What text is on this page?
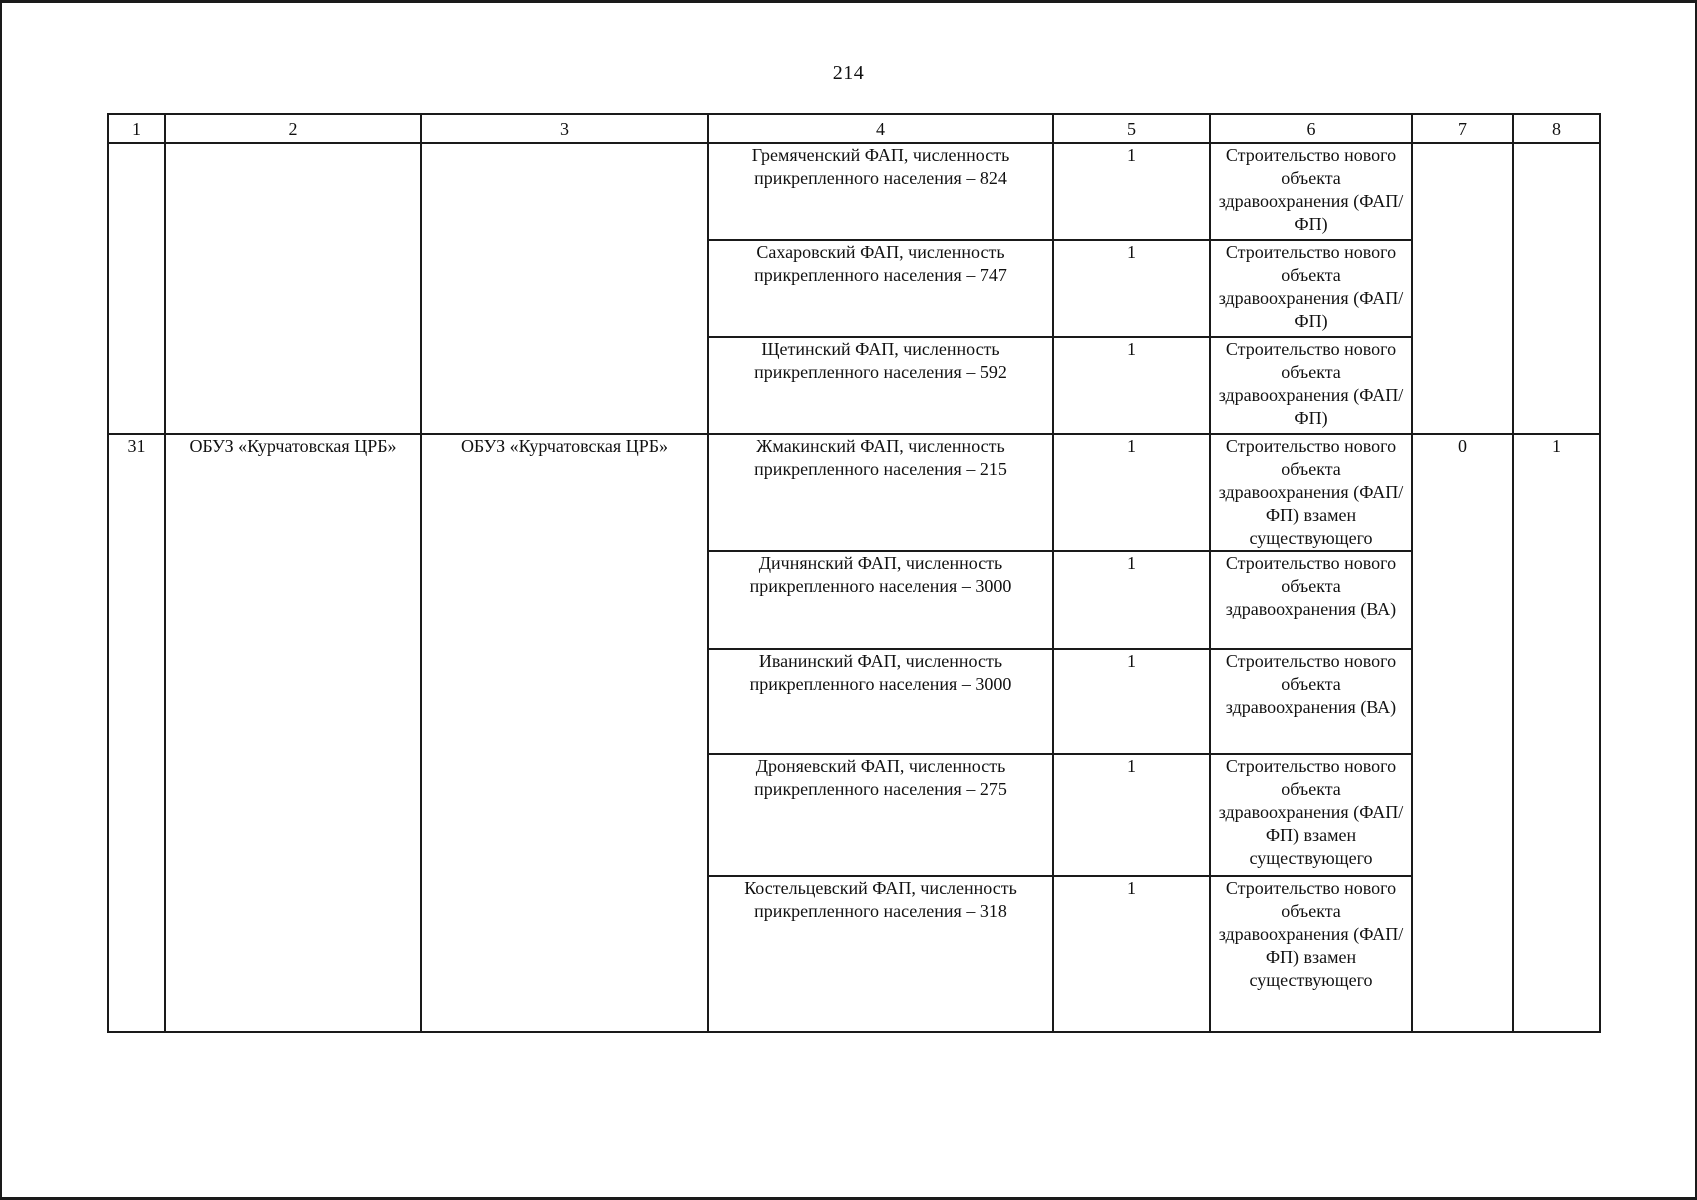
214
1	2	3	4	5	6	7	8
			Гремяченский ФАП, численность прикрепленного населения – 824	1	Строительство нового объекта здравоохранения (ФАП/ФП)		
			Сахаровский ФАП, численность прикрепленного населения – 747	1	Строительство нового объекта здравоохранения (ФАП/ФП)		
			Щетинский ФАП, численность прикрепленного населения – 592	1	Строительство нового объекта здравоохранения (ФАП/ФП)		
31	ОБУЗ «Курчатовская ЦРБ»	ОБУЗ «Курчатовская ЦРБ»	Жмакинский ФАП, численность прикрепленного населения – 215	1	Строительство нового объекта здравоохранения (ФАП/ФП) взамен существующего	0	1
			Дичнянский ФАП, численность прикрепленного населения – 3000	1	Строительство нового объекта здравоохранения (ВА)		
			Иванинский ФАП, численность прикрепленного населения – 3000	1	Строительство нового объекта здравоохранения (ВА)		
			Дроняевский ФАП, численность прикрепленного населения – 275	1	Строительство нового объекта здравоохранения (ФАП/ФП) взамен существующего		
			Костельцевский ФАП, численность прикрепленного населения – 318	1	Строительство нового объекта здравоохранения (ФАП/ФП) взамен существующего		
